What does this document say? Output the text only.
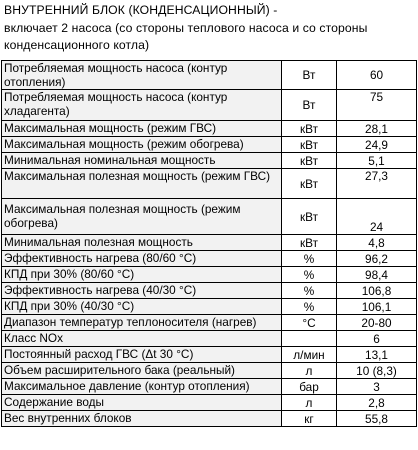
ВНУТРЕННИЙ БЛОК (КОНДЕНСАЦИОННЫЙ) -
включает 2 насоса (со стороны теплового насоса и со стороны
конденсационного котла)
Потребляемая мощность насоса (контур отопления)	Вт	60
Потребляемая мощность насоса (контур хладагента)	Вт	75
Максимальная мощность (режим ГВС)	кВт	28,1
Максимальная мощность (режим обогрева)	кВт	24,9
Минимальная номинальная мощность	кВт	5,1
Максимальная полезная мощность (режим ГВС)	кВт	27,3
Максимальная полезная мощность (режим обогрева)	кВт	24
Минимальная полезная мощность	кВт	4,8
Эффективность нагрева (80/60 °С)	%	96,2
КПД при 30% (80/60 °С)	%	98,4
Эффективность нагрева (40/30 °С)	%	106,8
КПД при 30% (40/30 °С)	%	106,1
Диапазон температур теплоносителя (нагрев)	°С	20-80
Класс NOx		6
Постоянный расход ГВС (Δt 30 °С)	л/мин	13,1
Объем расширительного бака (реальный)	л	10 (8,3)
Максимальное давление (контур отопления)	бар	3
Содержание воды	л	2,8
Вес внутренних блоков	кг	55,8
